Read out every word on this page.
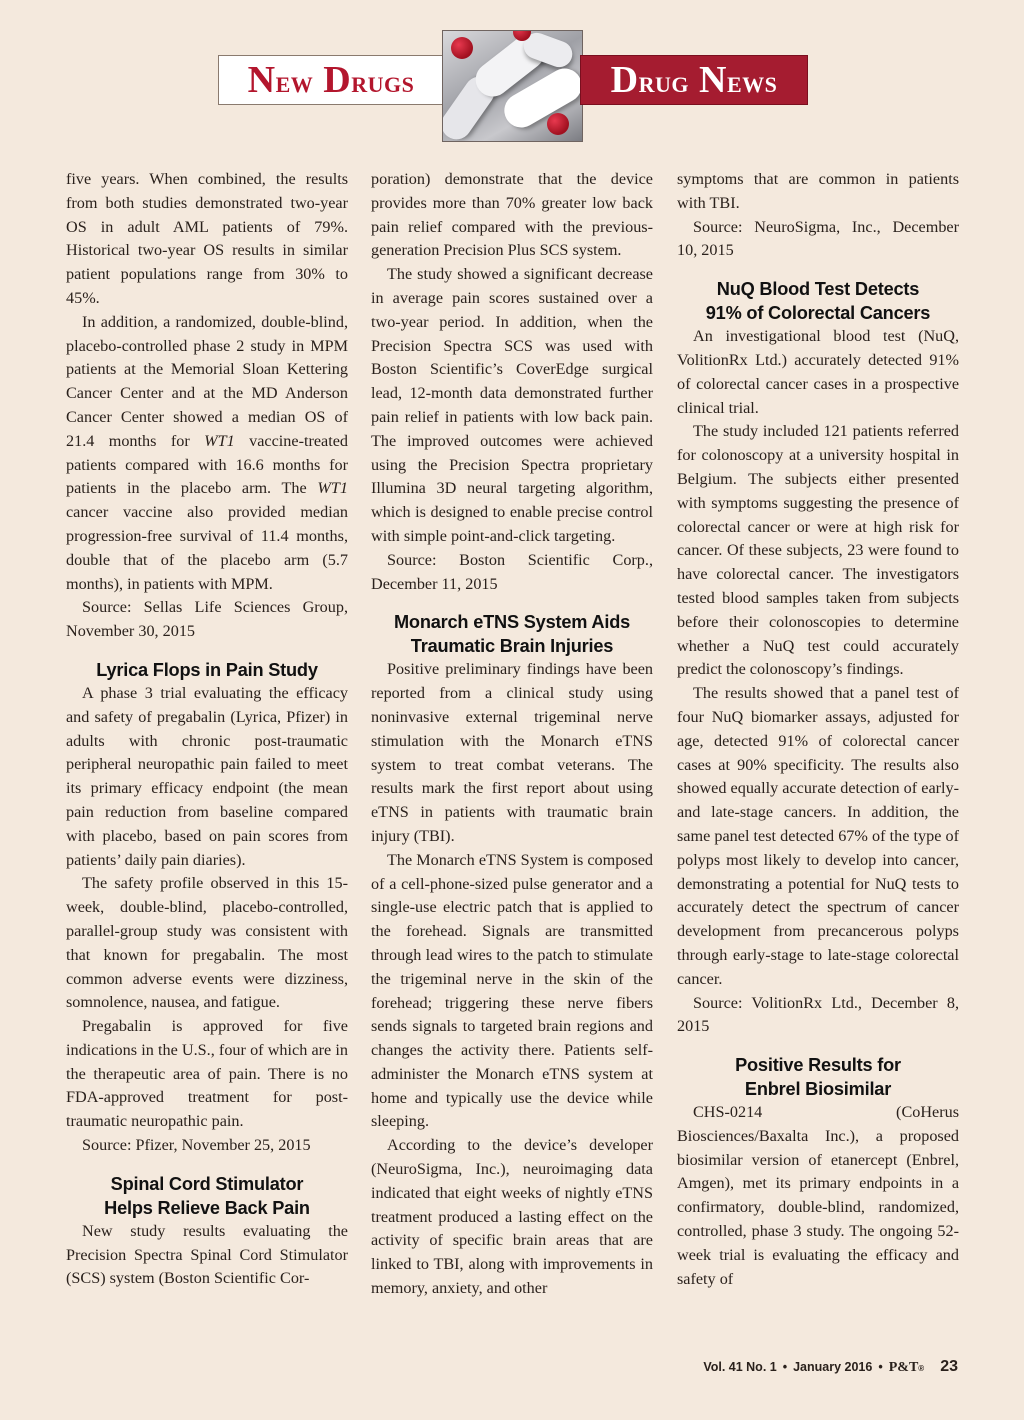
NEW DRUGS	DRUG NEWS

five years. When combined, the results from both studies demonstrated two-year OS in adult AML patients of 79%. Historical two-year OS results in similar patient populations range from 30% to 45%.

In addition, a randomized, double-blind, placebo-controlled phase 2 study in MPM patients at the Memorial Sloan Kettering Cancer Center and at the MD Anderson Cancer Center showed a median OS of 21.4 months for WT1 vaccine-treated patients compared with 16.6 months for patients in the placebo arm. The WT1 cancer vaccine also provided median progression-free survival of 11.4 months, double that of the placebo arm (5.7 months), in patients with MPM.

Source: Sellas Life Sciences Group, November 30, 2015

Lyrica Flops in Pain Study

A phase 3 trial evaluating the efficacy and safety of pregabalin (Lyrica, Pfizer) in adults with chronic post-traumatic peripheral neuropathic pain failed to meet its primary efficacy endpoint (the mean pain reduction from baseline compared with placebo, based on pain scores from patients’ daily pain diaries).

The safety profile observed in this 15-week, double-blind, placebo-controlled, parallel-group study was consistent with that known for pregabalin. The most common adverse events were dizziness, somnolence, nausea, and fatigue.

Pregabalin is approved for five indications in the U.S., four of which are in the therapeutic area of pain. There is no FDA-approved treatment for post-traumatic neuropathic pain.

Source: Pfizer, November 25, 2015

Spinal Cord Stimulator
Helps Relieve Back Pain

New study results evaluating the Precision Spectra Spinal Cord Stimulator (SCS) system (Boston Scientific Cor-

poration) demonstrate that the device provides more than 70% greater low back pain relief compared with the previous-generation Precision Plus SCS system.

The study showed a significant decrease in average pain scores sustained over a two-year period. In addition, when the Precision Spectra SCS was used with Boston Scientific’s CoverEdge surgical lead, 12-month data demonstrated further pain relief in patients with low back pain. The improved outcomes were achieved using the Precision Spectra proprietary Illumina 3D neural targeting algorithm, which is designed to enable precise control with simple point-and-click targeting.

Source: Boston Scientific Corp., December 11, 2015

Monarch eTNS System Aids
Traumatic Brain Injuries

Positive preliminary findings have been reported from a clinical study using noninvasive external trigeminal nerve stimulation with the Monarch eTNS system to treat combat veterans. The results mark the first report about using eTNS in patients with traumatic brain injury (TBI).

The Monarch eTNS System is composed of a cell-phone-sized pulse generator and a single-use electric patch that is applied to the forehead. Signals are transmitted through lead wires to the patch to stimulate the trigeminal nerve in the skin of the forehead; triggering these nerve fibers sends signals to targeted brain regions and changes the activity there. Patients self-administer the Monarch eTNS system at home and typically use the device while sleeping.

According to the device’s developer (NeuroSigma, Inc.), neuroimaging data indicated that eight weeks of nightly eTNS treatment produced a lasting effect on the activity of specific brain areas that are linked to TBI, along with improvements in memory, anxiety, and other

symptoms that are common in patients with TBI.

Source: NeuroSigma, Inc., December 10, 2015

NuQ Blood Test Detects
91% of Colorectal Cancers

An investigational blood test (NuQ, VolitionRx Ltd.) accurately detected 91% of colorectal cancer cases in a prospective clinical trial.

The study included 121 patients referred for colonoscopy at a university hospital in Belgium. The subjects either presented with symptoms suggesting the presence of colorectal cancer or were at high risk for cancer. Of these subjects, 23 were found to have colorectal cancer. The investigators tested blood samples taken from subjects before their colonoscopies to determine whether a NuQ test could accurately predict the colonoscopy’s findings.

The results showed that a panel test of four NuQ biomarker assays, adjusted for age, detected 91% of colorectal cancer cases at 90% specificity. The results also showed equally accurate detection of early- and late-stage cancers. In addition, the same panel test detected 67% of the type of polyps most likely to develop into cancer, demonstrating a potential for NuQ tests to accurately detect the spectrum of cancer development from precancerous polyps through early-stage to late-stage colorectal cancer.

Source: VolitionRx Ltd., December 8, 2015

Positive Results for
Enbrel Biosimilar

CHS-0214 (CoHerus Biosciences/Baxalta Inc.), a proposed biosimilar version of etanercept (Enbrel, Amgen), met its primary endpoints in a confirmatory, double-blind, randomized, controlled, phase 3 study. The ongoing 52-week trial is evaluating the efficacy and safety of

Vol. 41 No. 1 • January 2016 • P&T ® 23
